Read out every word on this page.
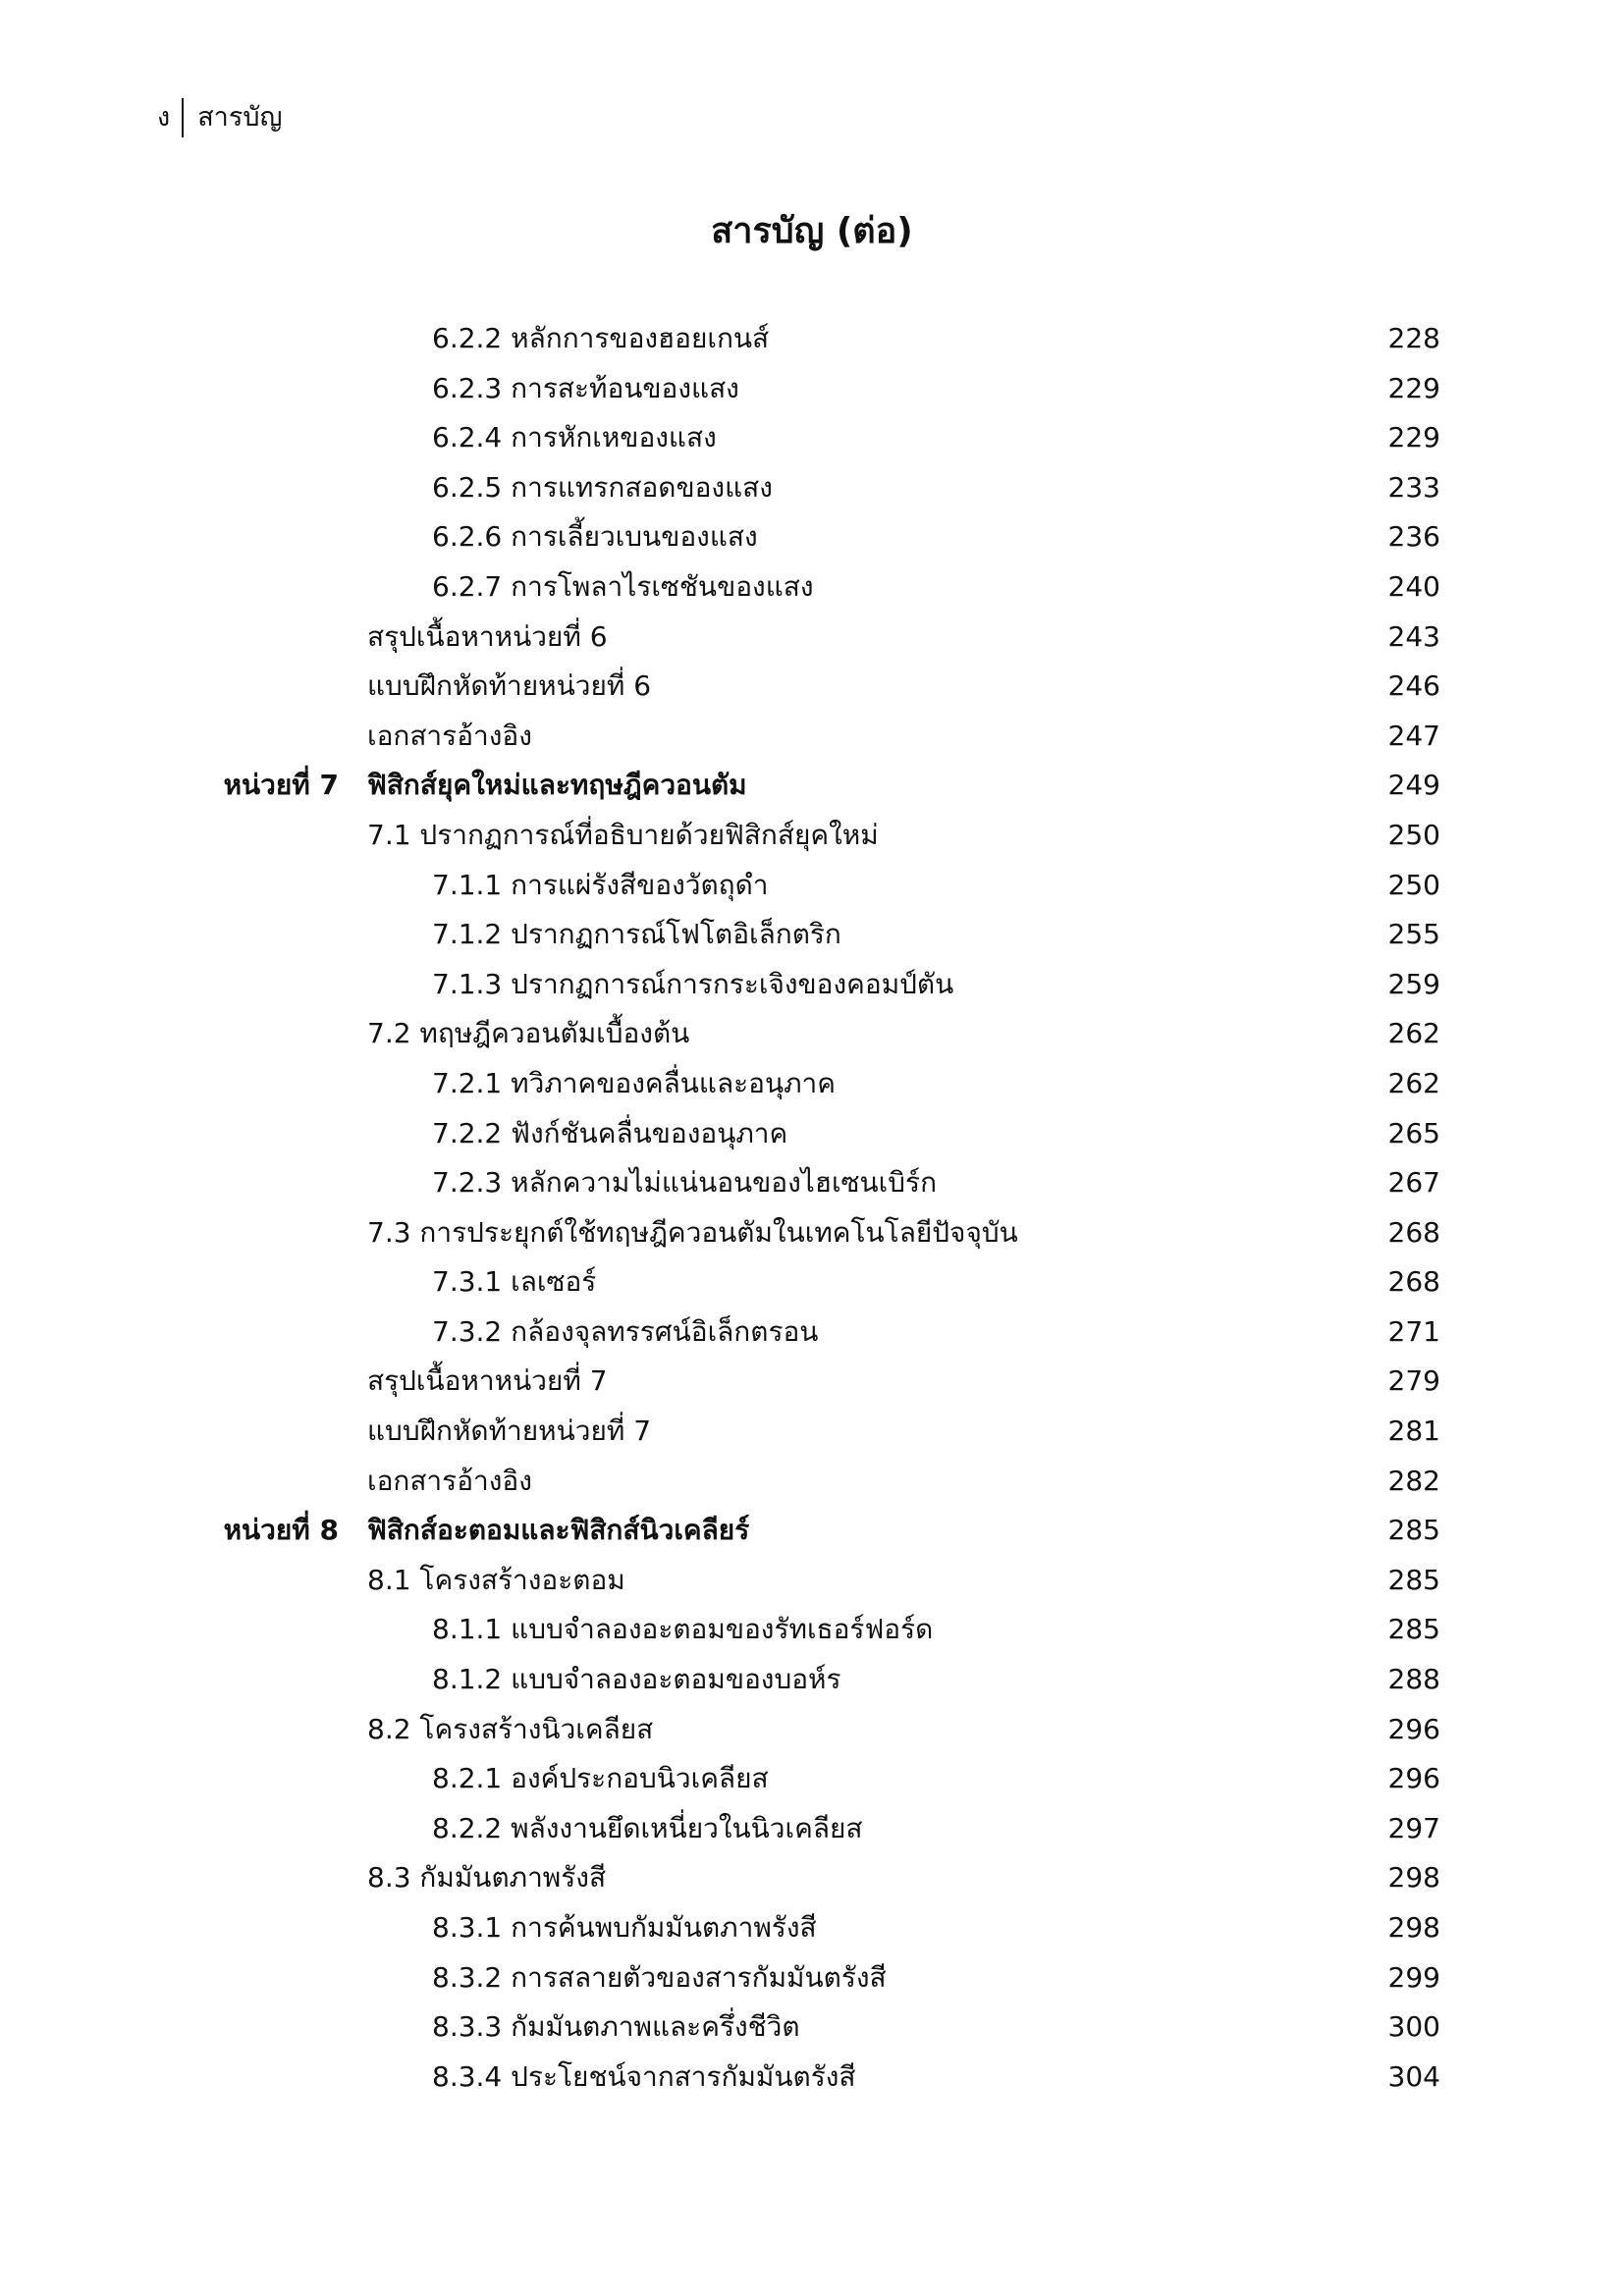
ง สารบัญ
สารบัญ (ต่อ)
6.2.2 หลักการของฮอยเกนส์	228
6.2.3 การสะท้อนของแสง	229
6.2.4 การหักเหของแสง	229
6.2.5 การแทรกสอดของแสง	233
6.2.6 การเลี้ยวเบนของแสง	236
6.2.7 การโพลาไรเซชันของแสง	240
สรุปเนื้อหาหน่วยที่ 6	243
แบบฝึกหัดท้ายหน่วยที่ 6	246
เอกสารอ้างอิง	247
หน่วยที่ 7 ฟิสิกส์ยุคใหม่และทฤษฎีควอนตัม	249
7.1 ปรากฏการณ์ที่อธิบายด้วยฟิสิกส์ยุคใหม่	250
7.1.1 การแผ่รังสีของวัตถุดำ	250
7.1.2 ปรากฏการณ์โฟโตอิเล็กตริก	255
7.1.3 ปรากฏการณ์การกระเจิงของคอมป์ตัน	259
7.2 ทฤษฎีควอนตัมเบื้องต้น	262
7.2.1 ทวิภาคของคลื่นและอนุภาค	262
7.2.2 ฟังก์ชันคลื่นของอนุภาค	265
7.2.3 หลักความไม่แน่นอนของไฮเซนเบิร์ก	267
7.3 การประยุกต์ใช้ทฤษฎีควอนตัมในเทคโนโลยีปัจจุบัน	268
7.3.1 เลเซอร์	268
7.3.2 กล้องจุลทรรศน์อิเล็กตรอน	271
สรุปเนื้อหาหน่วยที่ 7	279
แบบฝึกหัดท้ายหน่วยที่ 7	281
เอกสารอ้างอิง	282
หน่วยที่ 8 ฟิสิกส์อะตอมและฟิสิกส์นิวเคลียร์	285
8.1 โครงสร้างอะตอม	285
8.1.1 แบบจำลองอะตอมของรัทเธอร์ฟอร์ด	285
8.1.2 แบบจำลองอะตอมของบอห์ร	288
8.2 โครงสร้างนิวเคลียส	296
8.2.1 องค์ประกอบนิวเคลียส	296
8.2.2 พลังงานยึดเหนี่ยวในนิวเคลียส	297
8.3 กัมมันตภาพรังสี	298
8.3.1 การค้นพบกัมมันตภาพรังสี	298
8.3.2 การสลายตัวของสารกัมมันตรังสี	299
8.3.3 กัมมันตภาพและครึ่งชีวิต	300
8.3.4 ประโยชน์จากสารกัมมันตรังสี	304
